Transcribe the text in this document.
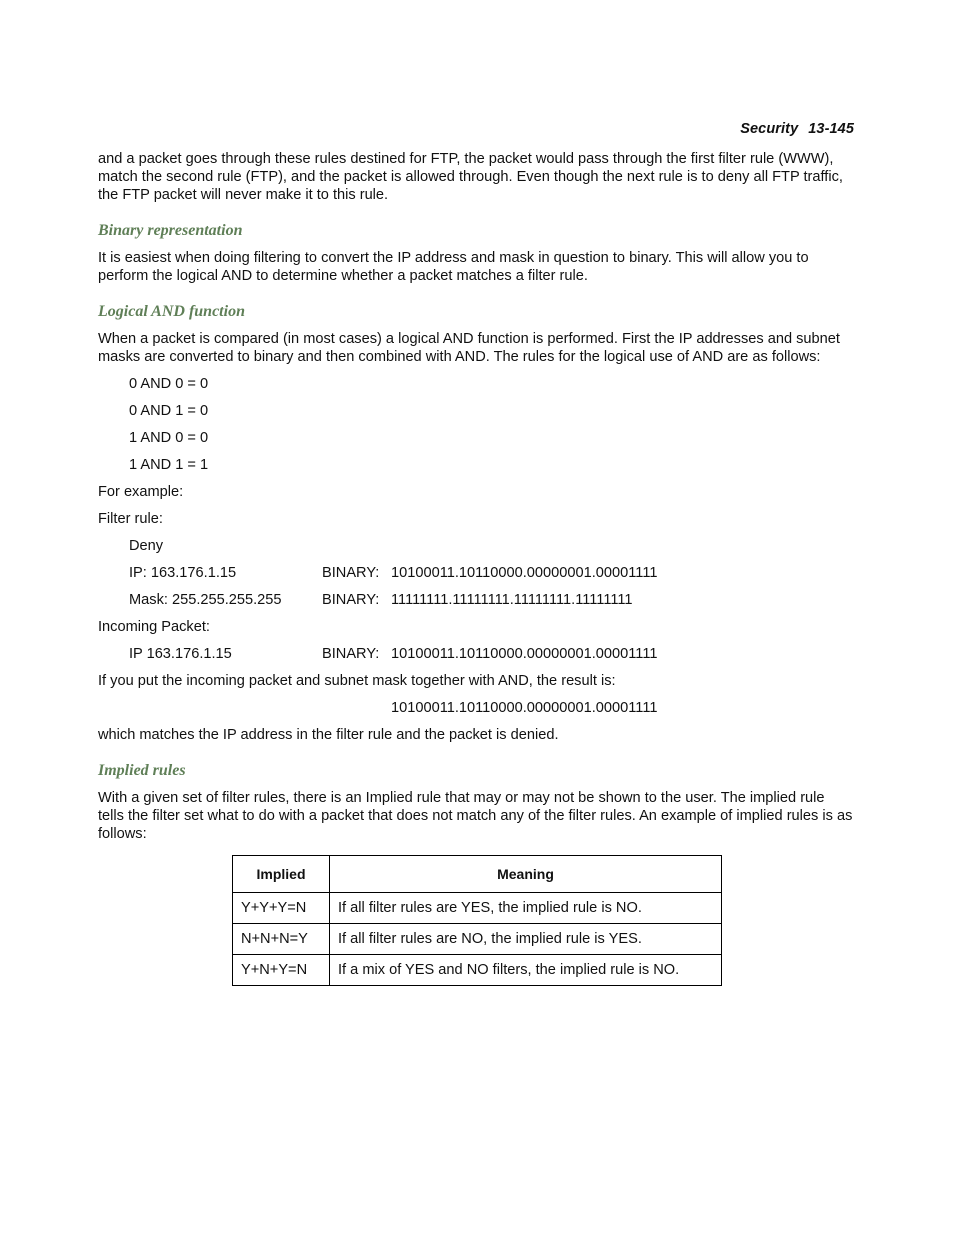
Security 13-145

and a packet goes through these rules destined for FTP, the packet would pass through the first filter rule (WWW), match the second rule (FTP), and the packet is allowed through. Even though the next rule is to deny all FTP traffic, the FTP packet will never make it to this rule.

Binary representation

It is easiest when doing filtering to convert the IP address and mask in question to binary. This will allow you to perform the logical AND to determine whether a packet matches a filter rule.

Logical AND function

When a packet is compared (in most cases) a logical AND function is performed. First the IP addresses and subnet masks are converted to binary and then combined with AND. The rules for the logical use of AND are as follows:

0 AND 0 = 0
0 AND 1 = 0
1 AND 0 = 0
1 AND 1 = 1
For example:
Filter rule:
Deny
IP: 163.176.1.15	BINARY: 10100011.10110000.00000001.00001111
Mask: 255.255.255.255	BINARY: 11111111.11111111.11111111.11111111
Incoming Packet:
IP 163.176.1.15	BINARY: 10100011.10110000.00000001.00001111
If you put the incoming packet and subnet mask together with AND, the result is:
10100011.10110000.00000001.00001111

which matches the IP address in the filter rule and the packet is denied.

Implied rules

With a given set of filter rules, there is an Implied rule that may or may not be shown to the user. The implied rule tells the filter set what to do with a packet that does not match any of the filter rules. An example of implied rules is as follows:

Implied	Meaning
Y+Y+Y=N	If all filter rules are YES, the implied rule is NO.
N+N+N=Y	If all filter rules are NO, the implied rule is YES.
Y+N+Y=N	If a mix of YES and NO filters, the implied rule is NO.
